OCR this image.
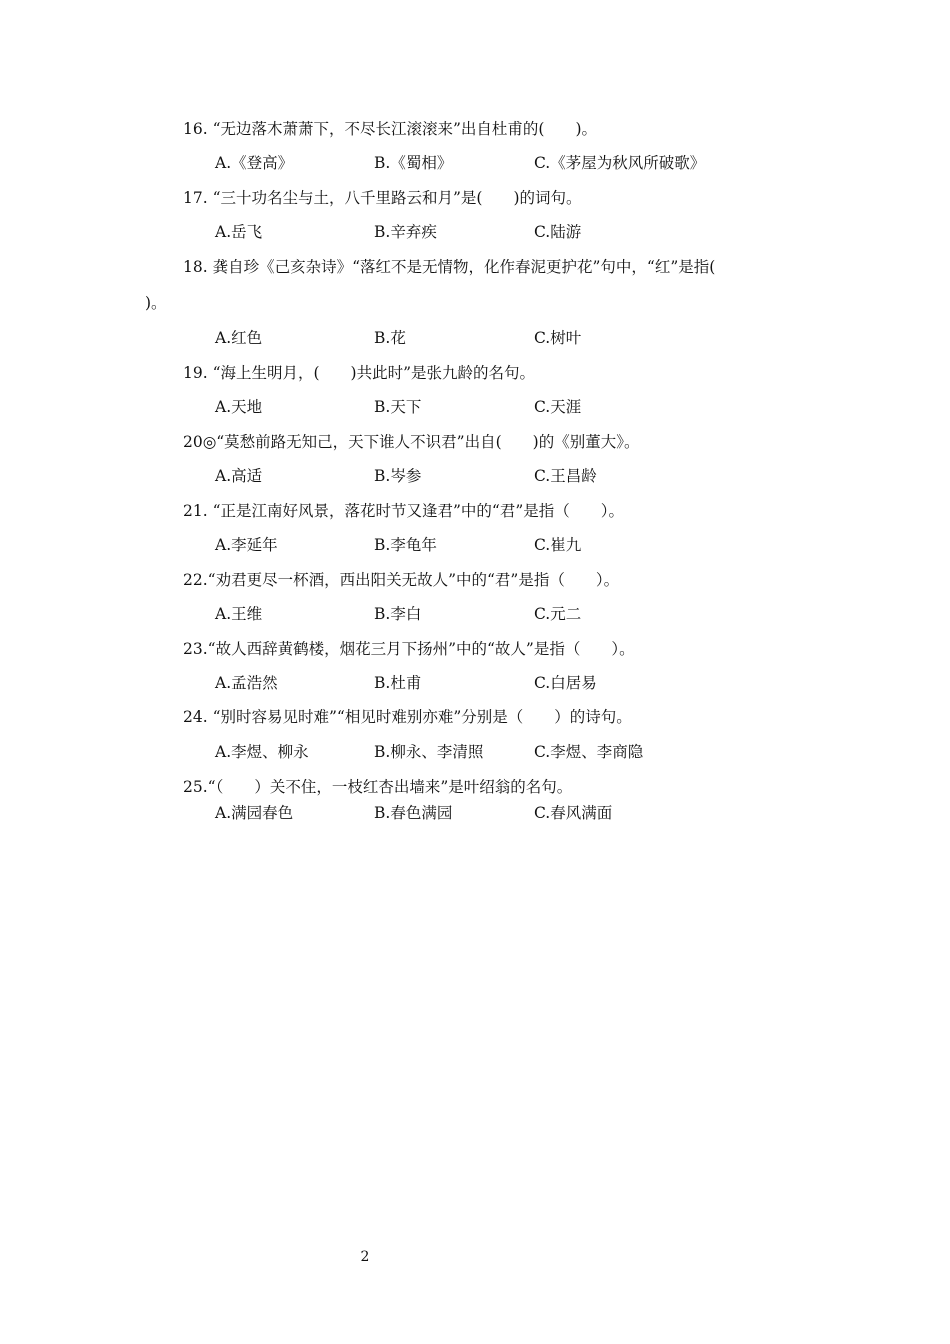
16. “无边落木萧萧下，不尽长江滚滚来”出自杜甫的(　　)。
A.《登高》	B.《蜀相》	C.《茅屋为秋风所破歌》
17. “三十功名尘与土，八千里路云和月”是(　　)的词句。
A.岳飞	B.辛弃疾	C.陆游
18. 龚自珍《己亥杂诗》“落红不是无情物，化作春泥更护花”句中，“红”是指(
)。
A.红色	B.花	C.树叶
19. “海上生明月，(　　)共此时”是张九龄的名句。
A.天地	B.天下	C.天涯
20◎“莫愁前路无知己，天下谁人不识君”出自(　　)的《别董大》。
A.高适	B.岑参	C.王昌龄
21. “正是江南好风景，落花时节又逢君”中的“君”是指（　　）。
A.李延年	B.李龟年	C.崔九
22.“劝君更尽一杯酒，西出阳关无故人”中的“君”是指（　　）。
A.王维	B.李白	C.元二
23.“故人西辞黄鹤楼，烟花三月下扬州”中的“故人”是指（　　）。
A.孟浩然	B.杜甫	C.白居易
24. “别时容易见时难”“相见时难别亦难”分别是（　　）的诗句。
A.李煜、柳永	B.柳永、李清照	C.李煜、李商隐
25.“（　　）关不住，一枝红杏出墙来”是叶绍翁的名句。
A.满园春色	B.春色满园	C.春风满面
2
